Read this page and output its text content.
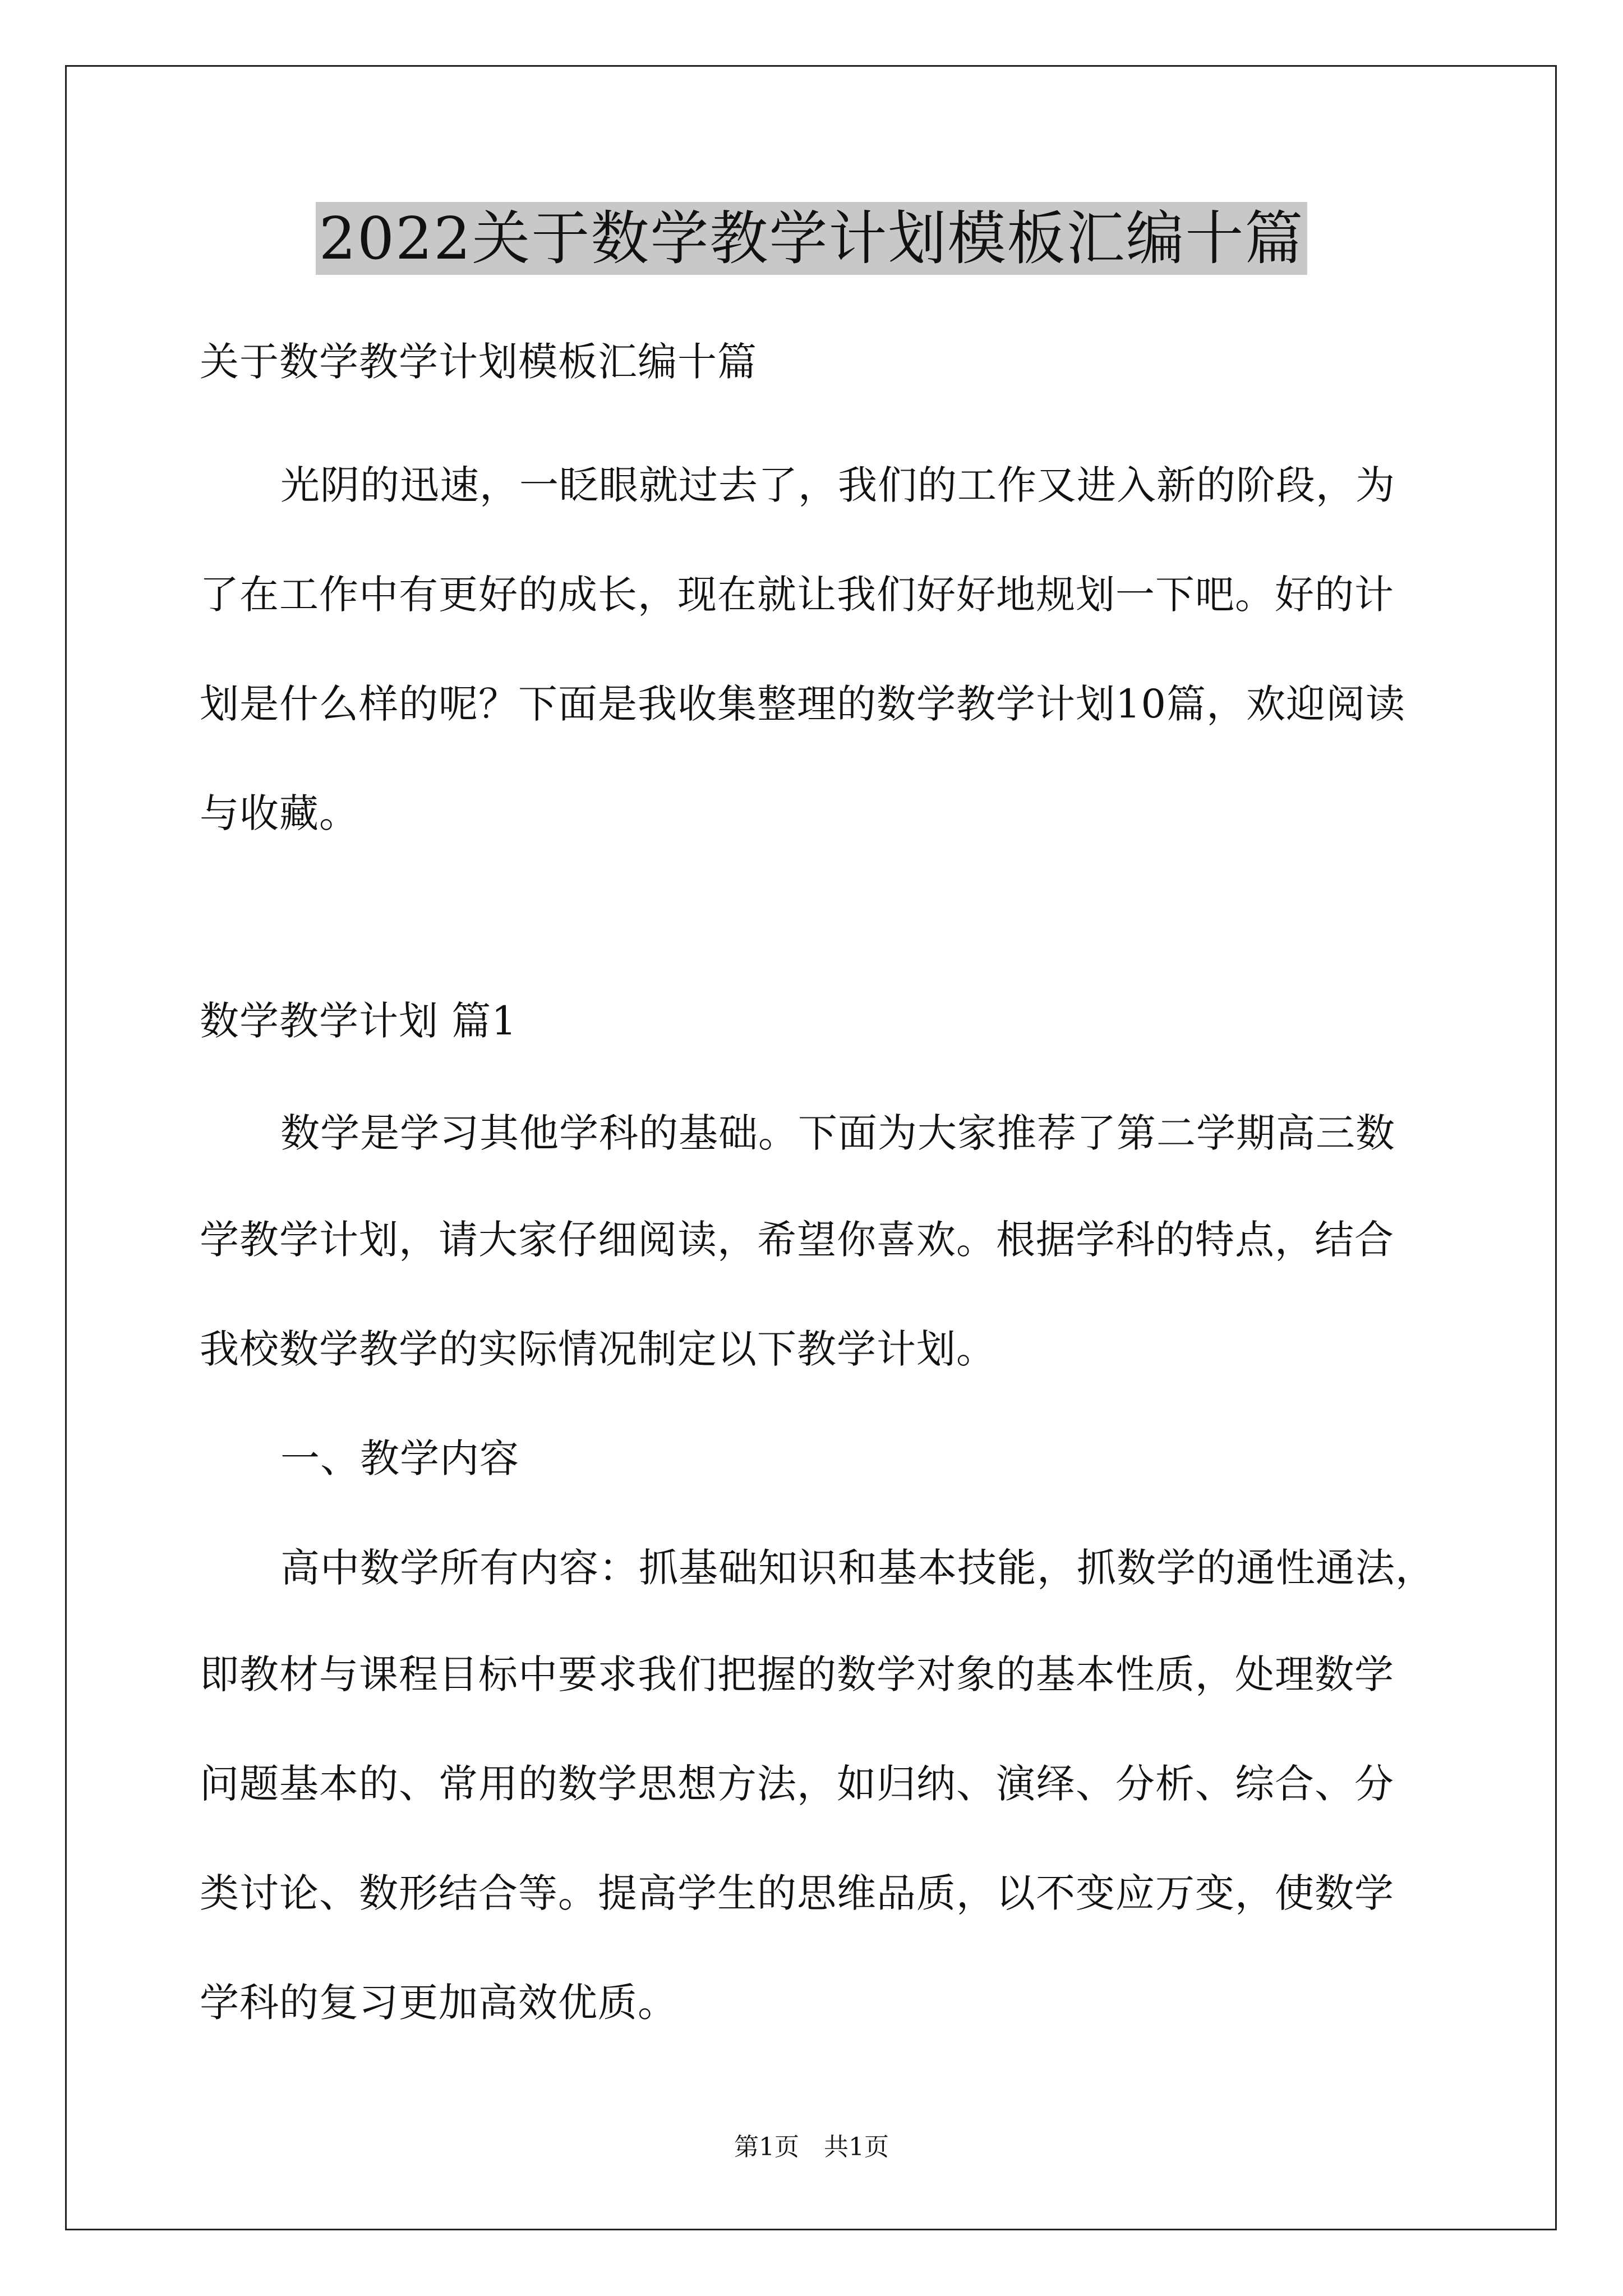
2022关于数学教学计划模板汇编十篇

关于数学教学计划模板汇编十篇

光阴的迅速，一眨眼就过去了，我们的工作又进入新的阶段，为

了在工作中有更好的成长，现在就让我们好好地规划一下吧。好的计

划是什么样的呢？下面是我收集整理的数学教学计划10篇，欢迎阅读

与收藏。

数学教学计划 篇1

数学是学习其他学科的基础。下面为大家推荐了第二学期高三数

学教学计划，请大家仔细阅读，希望你喜欢。根据学科的特点，结合

我校数学教学的实际情况制定以下教学计划。

一、教学内容

高中数学所有内容：抓基础知识和基本技能，抓数学的通性通法，

即教材与课程目标中要求我们把握的数学对象的基本性质，处理数学

问题基本的、常用的数学思想方法，如归纳、演绎、分析、综合、分

类讨论、数形结合等。提高学生的思维品质，以不变应万变，使数学

学科的复习更加高效优质。

第1页　共1页
